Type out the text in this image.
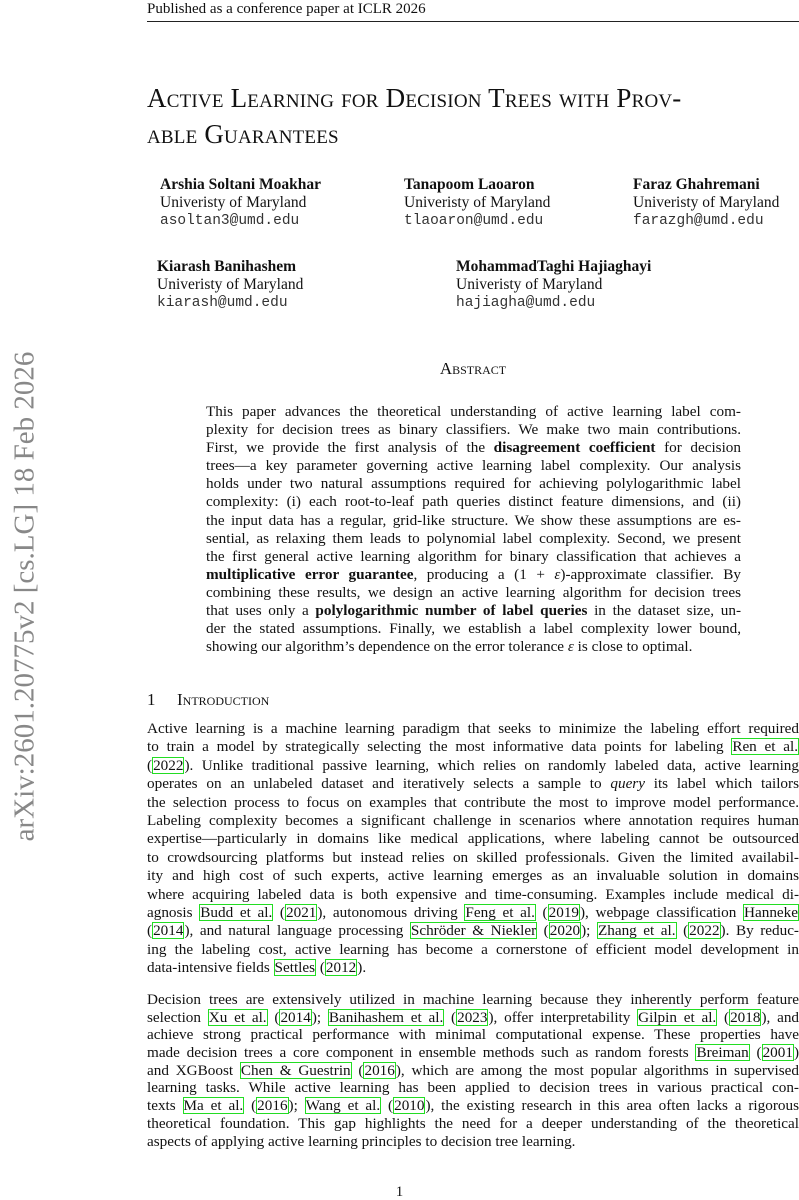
arXiv:2601.20775v2 [cs.LG] 18 Feb 2026
Published as a conference paper at ICLR 2026
Active Learning for Decision Trees with Prov-
able Guarantees
Arshia Soltani Moakhar
Univeristy of Maryland
asoltan3@umd.edu
Tanapoom Laoaron
Univeristy of Maryland
tlaoaron@umd.edu
Faraz Ghahremani
Univeristy of Maryland
farazgh@umd.edu
Kiarash Banihashem
Univeristy of Maryland
kiarash@umd.edu
MohammadTaghi Hajiaghayi
Univeristy of Maryland
hajiagha@umd.edu
Abstract
This paper advances the theoretical understanding of active learning label com-
plexity for decision trees as binary classifiers. We make two main contributions.
First, we provide the first analysis of the disagreement coefficient for decision
trees—a key parameter governing active learning label complexity. Our analysis
holds under two natural assumptions required for achieving polylogarithmic label
complexity: (i) each root-to-leaf path queries distinct feature dimensions, and (ii)
the input data has a regular, grid-like structure. We show these assumptions are es-
sential, as relaxing them leads to polynomial label complexity. Second, we present
the first general active learning algorithm for binary classification that achieves a
multiplicative error guarantee, producing a (1 + ε)-approximate classifier. By
combining these results, we design an active learning algorithm for decision trees
that uses only a polylogarithmic number of label queries in the dataset size, un-
der the stated assumptions. Finally, we establish a label complexity lower bound,
showing our algorithm’s dependence on the error tolerance ε is close to optimal.
1 Introduction
Active learning is a machine learning paradigm that seeks to minimize the labeling effort required
to train a model by strategically selecting the most informative data points for labeling Ren et al.
(2022). Unlike traditional passive learning, which relies on randomly labeled data, active learning
operates on an unlabeled dataset and iteratively selects a sample to query its label which tailors
the selection process to focus on examples that contribute the most to improve model performance.
Labeling complexity becomes a significant challenge in scenarios where annotation requires human
expertise—particularly in domains like medical applications, where labeling cannot be outsourced
to crowdsourcing platforms but instead relies on skilled professionals. Given the limited availabil-
ity and high cost of such experts, active learning emerges as an invaluable solution in domains
where acquiring labeled data is both expensive and time-consuming. Examples include medical di-
agnosis Budd et al. (2021), autonomous driving Feng et al. (2019), webpage classification Hanneke
(2014), and natural language processing Schröder & Niekler (2020); Zhang et al. (2022). By reduc-
ing the labeling cost, active learning has become a cornerstone of efficient model development in
data-intensive fields Settles (2012).
Decision trees are extensively utilized in machine learning because they inherently perform feature
selection Xu et al. (2014); Banihashem et al. (2023), offer interpretability Gilpin et al. (2018), and
achieve strong practical performance with minimal computational expense. These properties have
made decision trees a core component in ensemble methods such as random forests Breiman (2001)
and XGBoost Chen & Guestrin (2016), which are among the most popular algorithms in supervised
learning tasks. While active learning has been applied to decision trees in various practical con-
texts Ma et al. (2016); Wang et al. (2010), the existing research in this area often lacks a rigorous
theoretical foundation. This gap highlights the need for a deeper understanding of the theoretical
aspects of applying active learning principles to decision tree learning.
1
